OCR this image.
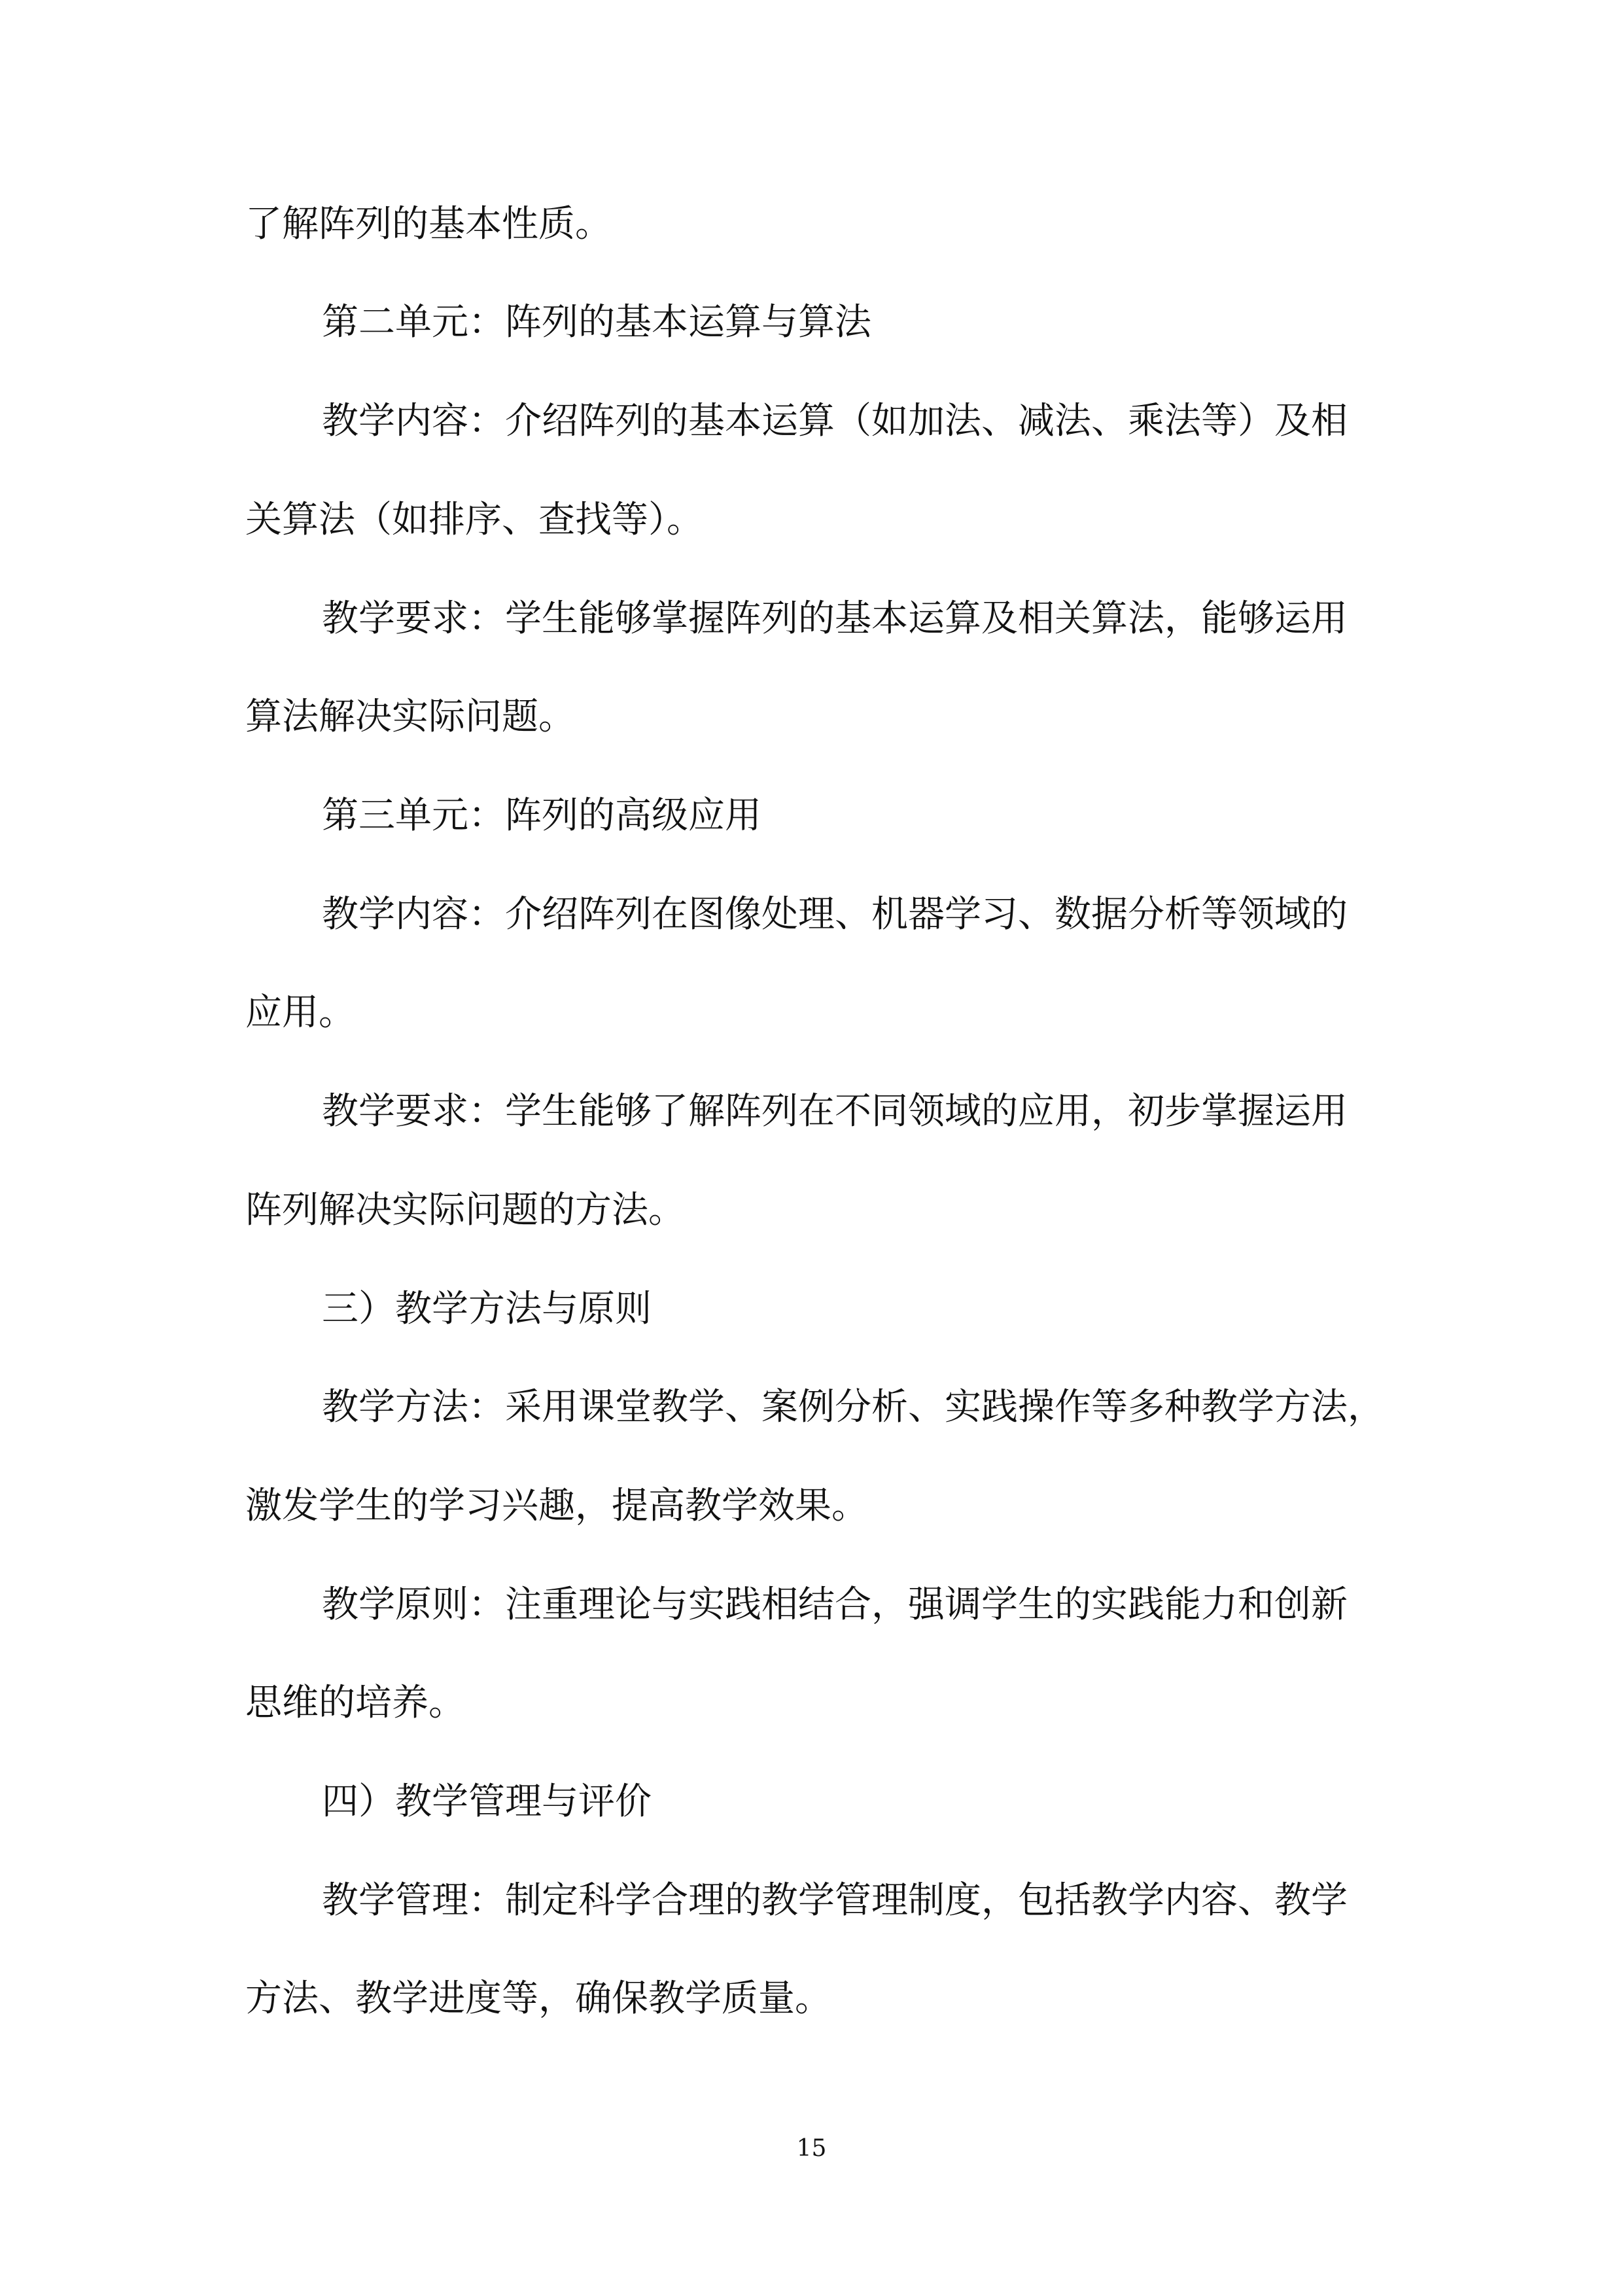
了解阵列的基本性质。

第二单元：阵列的基本运算与算法

教学内容：介绍阵列的基本运算（如加法、减法、乘法等）及相

关算法（如排序、查找等）。

教学要求：学生能够掌握阵列的基本运算及相关算法，能够运用

算法解决实际问题。

第三单元：阵列的高级应用

教学内容：介绍阵列在图像处理、机器学习、数据分析等领域的

应用。

教学要求：学生能够了解阵列在不同领域的应用，初步掌握运用

阵列解决实际问题的方法。

三）教学方法与原则

教学方法：采用课堂教学、案例分析、实践操作等多种教学方法，

激发学生的学习兴趣，提高教学效果。

教学原则：注重理论与实践相结合，强调学生的实践能力和创新

思维的培养。

四）教学管理与评价

教学管理：制定科学合理的教学管理制度，包括教学内容、教学

方法、教学进度等，确保教学质量。

15
